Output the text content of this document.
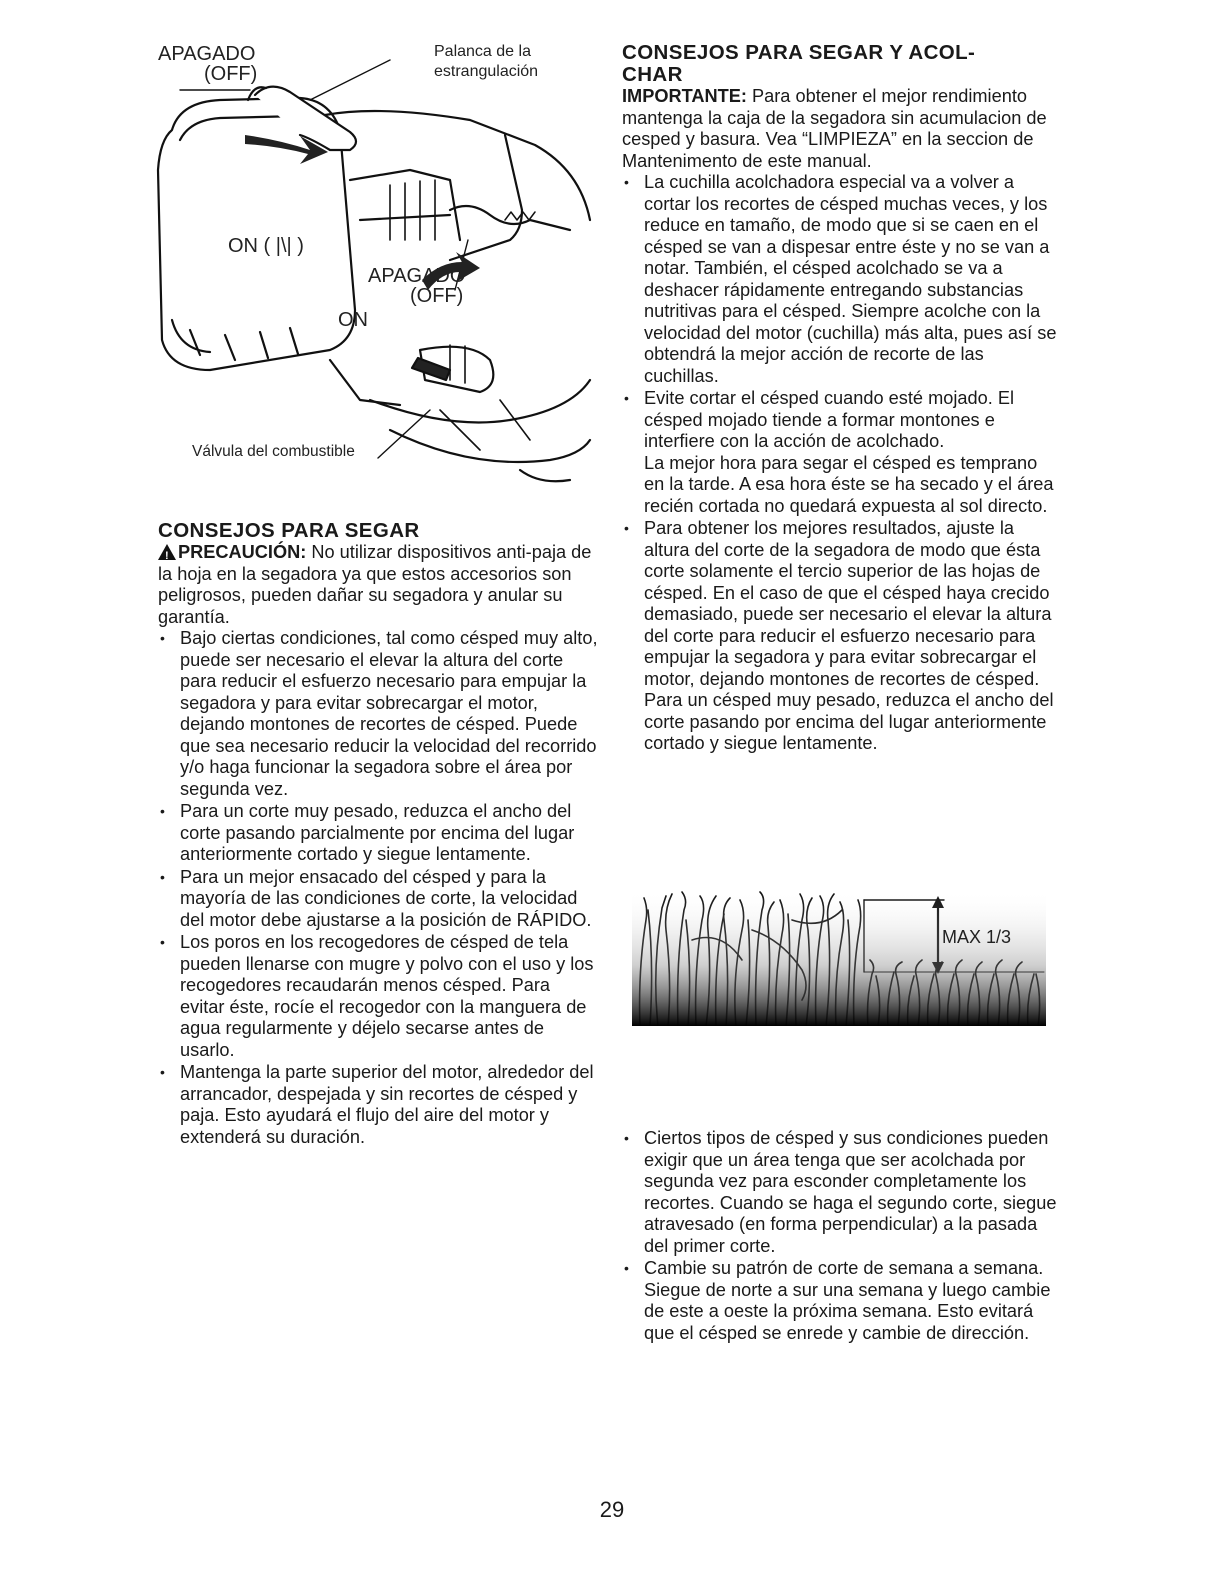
APAGADO
(OFF)
Palanca de la
estrangulación
ON ( |\| )
APAGADO
(OFF)
ON
Válvula del combustible
CONSEJOS PARA SEGAR

!PRECAUCIÓN: No utilizar dispositivos anti-paja de la hoja en la segadora ya que estos accesorios son peligrosos, pueden dañar su segadora y anular su garantía.

• Bajo ciertas condiciones, tal como césped muy alto, puede ser necesario el elevar la altura del corte para reducir el esfuerzo necesario para empujar la segadora y para evitar sobrecargar el motor, dejando montones de recortes de césped. Puede que sea necesario reducir la velocidad del recorrido y/o haga funcionar la segadora sobre el área por segunda vez.
• Para un corte muy pesado, reduzca el ancho del corte pasando parcialmente por encima del lugar anteriormente cortado y siegue lentamente.
• Para un mejor ensacado del césped y para la mayoría de las condiciones de corte, la velocidad del motor debe ajustarse a la posición de RÁPIDO.
• Los poros en los recogedores de césped de tela pueden llenarse con mugre y polvo con el uso y los recogedores recaudarán menos césped. Para evitar éste, rocíe el recogedor con la manguera de agua regularmente y déjelo secarse antes de usarlo.
• Mantenga la parte superior del motor, alrededor del arrancador, despejada y sin recortes de césped y paja. Esto ayudará el flujo del aire del motor y extenderá su duración.
CONSEJOS PARA SEGAR Y ACOL-
CHAR

IMPORTANTE: Para obtener el mejor rendimiento mantenga la caja de la segadora sin acumulacion de cesped y basura. Vea “LIMPIEZA” en la seccion de Mantenimento de este manual.

• La cuchilla acolchadora especial va a volver a cortar los recortes de césped muchas veces, y los reduce en tamaño, de modo que si se caen en el césped se van a dispesar entre éste y no se van a notar. También, el césped acolchado se va a deshacer rápidamente entregando substancias nutritivas para el césped. Siempre acolche con la velocidad del motor (cuchilla) más alta, pues así se obtendrá la mejor acción de recorte de las cuchillas.
• Evite cortar el césped cuando esté mojado. El césped mojado tiende a formar montones e interfiere con la acción de acolchado.
La mejor hora para segar el césped es temprano en la tarde. A esa hora éste se ha secado y el área recién cortada no quedará expuesta al sol directo.
• Para obtener los mejores resultados, ajuste la altura del corte de la segadora de modo que ésta corte solamente el tercio superior de las hojas de césped. En el caso de que el césped haya crecido demasiado, puede ser necesario el elevar la altura del corte para reducir el esfuerzo necesario para empujar la segadora y para evitar sobrecargar el motor, dejando montones de recortes de césped. Para un césped muy pesado, reduzca el ancho del corte pasando por encima del lugar anteriormente cortado y siegue lentamente.
MAX 1/3
• Ciertos tipos de césped y sus condiciones pueden exigir que un área tenga que ser acolchada por segunda vez para esconder completamente los recortes. Cuando se haga el segundo corte, siegue atravesado (en forma perpendicular) a la pasada del primer corte.
• Cambie su patrón de corte de semana a semana. Siegue de norte a sur una semana y luego cambie de este a oeste la próxima semana. Esto evitará que el césped se enrede y cambie de dirección.
29
